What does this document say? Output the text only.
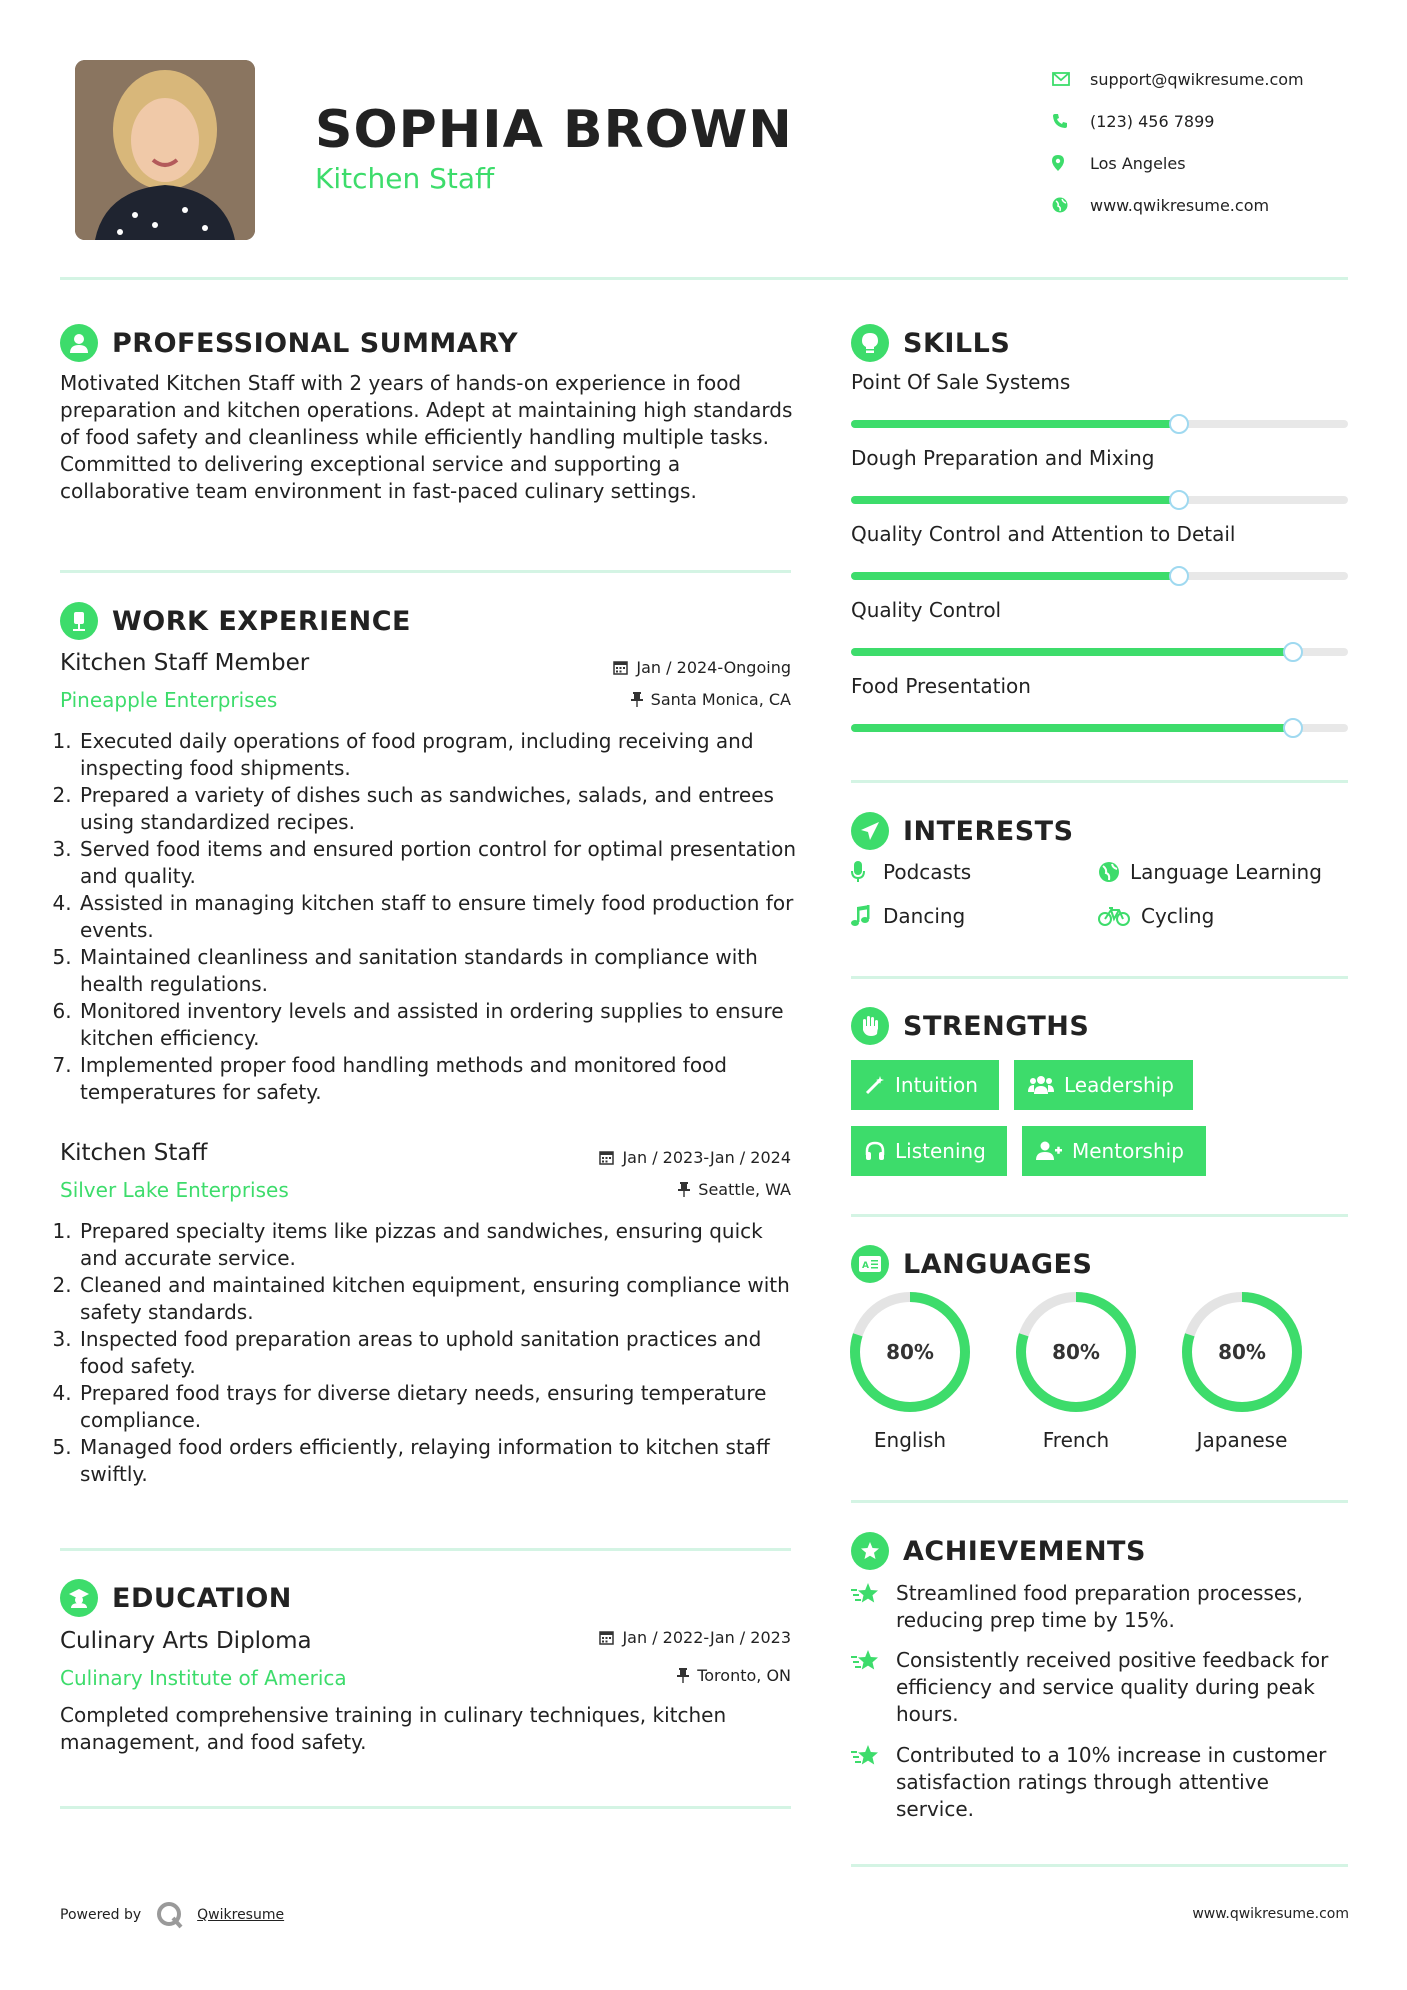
SOPHIA BROWN
Kitchen Staff
support@qwikresume.com
(123) 456 7899
Los Angeles
www.qwikresume.com
PROFESSIONAL SUMMARY
Motivated Kitchen Staff with 2 years of hands-on experience in food preparation and kitchen operations. Adept at maintaining high standards of food safety and cleanliness while efficiently handling multiple tasks. Committed to delivering exceptional service and supporting a collaborative team environment in fast-paced culinary settings.
WORK EXPERIENCE
Kitchen Staff Member
Pineapple Enterprises
Jan / 2024-Ongoing
Santa Monica, CA
1. Executed daily operations of food program, including receiving and inspecting food shipments.
2. Prepared a variety of dishes such as sandwiches, salads, and entrees using standardized recipes.
3. Served food items and ensured portion control for optimal presentation and quality.
4. Assisted in managing kitchen staff to ensure timely food production for events.
5. Maintained cleanliness and sanitation standards in compliance with health regulations.
6. Monitored inventory levels and assisted in ordering supplies to ensure kitchen efficiency.
7. Implemented proper food handling methods and monitored food temperatures for safety.
Kitchen Staff
Silver Lake Enterprises
Jan / 2023-Jan / 2024
Seattle, WA
1. Prepared specialty items like pizzas and sandwiches, ensuring quick and accurate service.
2. Cleaned and maintained kitchen equipment, ensuring compliance with safety standards.
3. Inspected food preparation areas to uphold sanitation practices and food safety.
4. Prepared food trays for diverse dietary needs, ensuring temperature compliance.
5. Managed food orders efficiently, relaying information to kitchen staff swiftly.
EDUCATION
Culinary Arts Diploma
Culinary Institute of America
Jan / 2022-Jan / 2023
Toronto, ON
Completed comprehensive training in culinary techniques, kitchen management, and food safety.
SKILLS
Point Of Sale Systems
Dough Preparation and Mixing
Quality Control and Attention to Detail
Quality Control
Food Presentation
INTERESTS
Podcasts	Language Learning
Dancing	Cycling
STRENGTHS
Intuition	Leadership
Listening	Mentorship
A LANGUAGES
80%
English
80%
French
80%
Japanese
ACHIEVEMENTS
Streamlined food preparation processes, reducing prep time by 15%.
Consistently received positive feedback for efficiency and service quality during peak hours.
Contributed to a 10% increase in customer satisfaction ratings through attentive service.
Powered by	Qwikresume	www.qwikresume.com
